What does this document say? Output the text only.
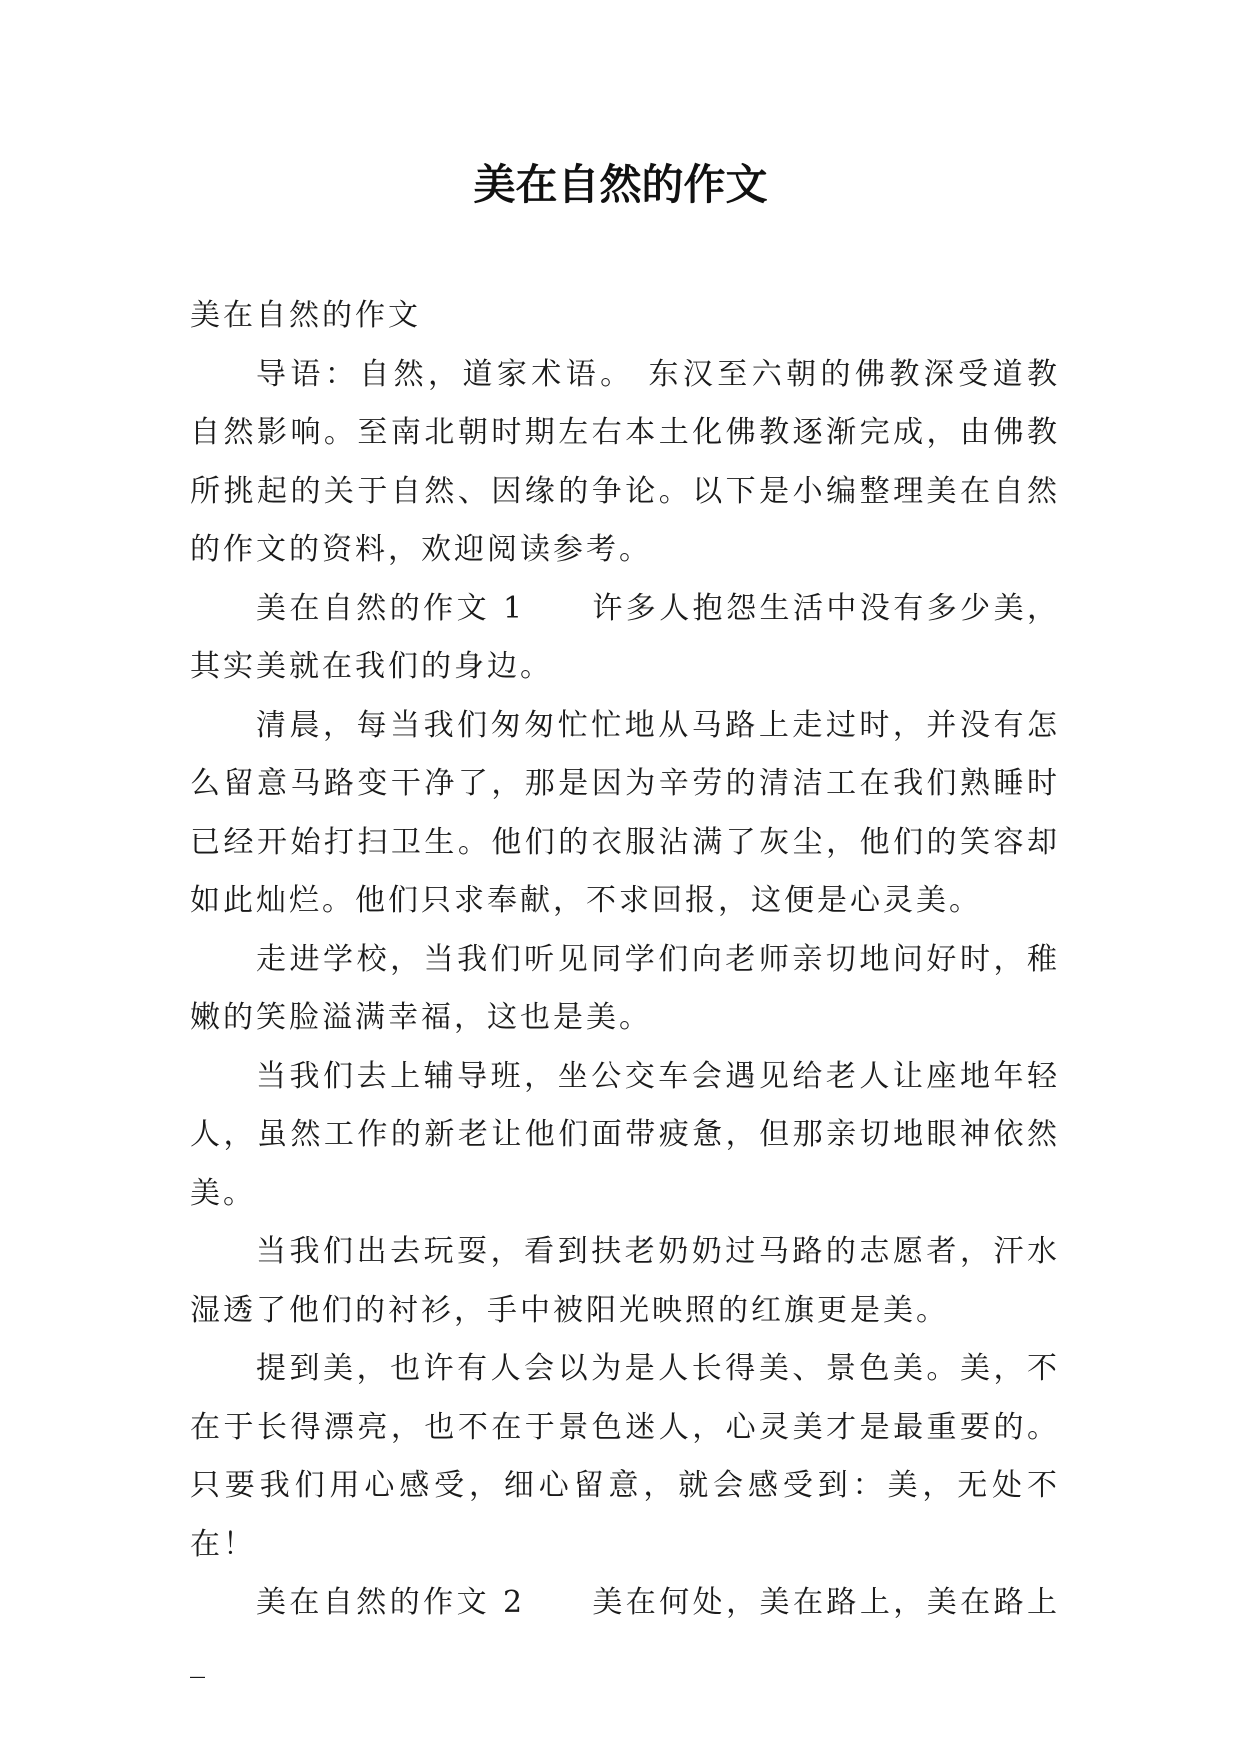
美在自然的作文

美在自然的作文

导语：自然，道家术语。 东汉至六朝的佛教深受道教自然影响。至南北朝时期左右本土化佛教逐渐完成，由佛教所挑起的关于自然、因缘的争论。以下是小编整理美在自然的作文的资料，欢迎阅读参考。

美在自然的作文 1　　许多人抱怨生活中没有多少美，其实美就在我们的身边。

清晨，每当我们匆匆忙忙地从马路上走过时，并没有怎么留意马路变干净了，那是因为辛劳的清洁工在我们熟睡时已经开始打扫卫生。他们的衣服沾满了灰尘，他们的笑容却如此灿烂。他们只求奉献，不求回报，这便是心灵美。

走进学校，当我们听见同学们向老师亲切地问好时，稚嫩的笑脸溢满幸福，这也是美。

当我们去上辅导班，坐公交车会遇见给老人让座地年轻人，虽然工作的新老让他们面带疲惫，但那亲切地眼神依然美。

当我们出去玩耍，看到扶老奶奶过马路的志愿者，汗水湿透了他们的衬衫，手中被阳光映照的红旗更是美。

提到美，也许有人会以为是人长得美、景色美。美，不在于长得漂亮，也不在于景色迷人，心灵美才是最重要的。只要我们用心感受，细心留意，就会感受到：美，无处不在！

美在自然的作文 2　　美在何处，美在路上，美在路上_
